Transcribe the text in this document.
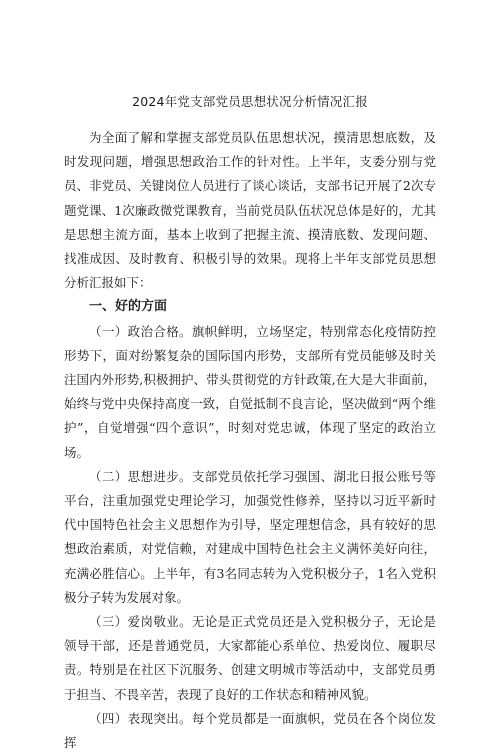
2024年党支部党员思想状况分析情况汇报

为全面了解和掌握支部党员队伍思想状况，摸清思想底数，及时发现问题，增强思想政治工作的针对性。上半年，支委分别与党员、非党员、关键岗位人员进行了谈心谈话，支部书记开展了2次专题党课、1次廉政微党课教育，当前党员队伍状况总体是好的，尤其是思想主流方面，基本上收到了把握主流、摸清底数、发现问题、找准成因、及时教育、积极引导的效果。现将上半年支部党员思想分析汇报如下：

一、好的方面

（一）政治合格。旗帜鲜明，立场坚定，特别常态化疫情防控形势下，面对纷繁复杂的国际国内形势，支部所有党员能够及时关注国内外形势,积极拥护、带头贯彻党的方针政策,在大是大非面前，始终与党中央保持高度一致，自觉抵制不良言论，坚决做到“两个维护”，自觉增强“四个意识”，时刻对党忠诚，体现了坚定的政治立场。

（二）思想进步。支部党员依托学习强国、湖北日报公账号等平台，注重加强党史理论学习，加强党性修养，坚持以习近平新时代中国特色社会主义思想作为引导，坚定理想信念，具有较好的思想政治素质，对党信赖，对建成中国特色社会主义满怀美好向往，充满必胜信心。上半年，有3名同志转为入党积极分子，1名入党积极分子转为发展对象。

（三）爱岗敬业。无论是正式党员还是入党积极分子，无论是领导干部，还是普通党员，大家都能心系单位、热爱岗位、履职尽责。特别是在社区下沉服务、创建文明城市等活动中，支部党员勇于担当、不畏辛苦，表现了良好的工作状态和精神风貌。

（四）表现突出。每个党员都是一面旗帜，党员在各个岗位发挥
